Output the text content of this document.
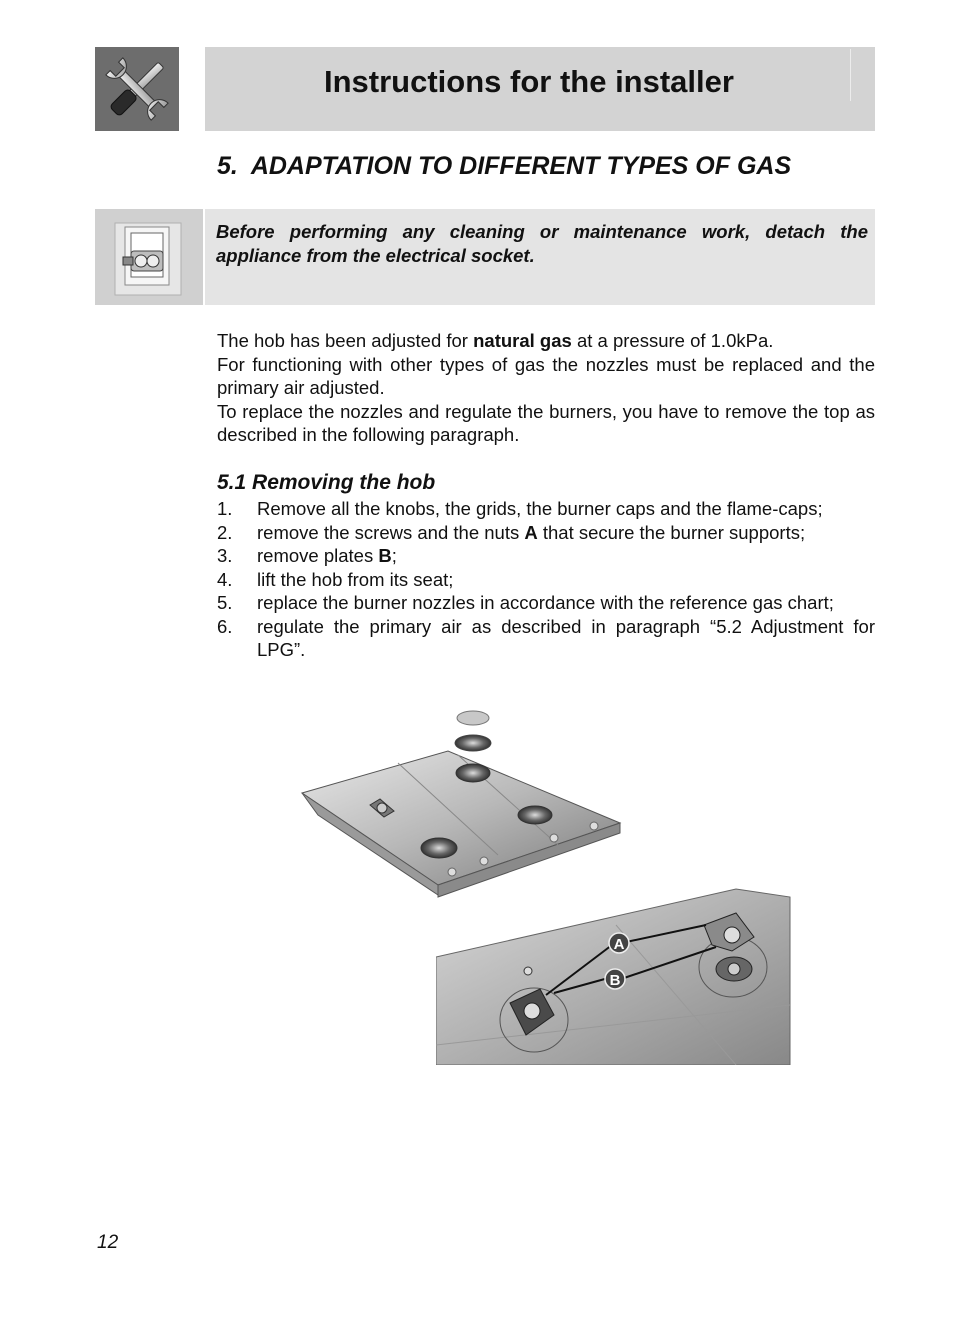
Instructions for the installer
5. ADAPTATION TO DIFFERENT TYPES OF GAS
Before performing any cleaning or maintenance work, detach the appliance from the electrical socket.

The hob has been adjusted for natural gas at a pressure of 1.0kPa.

For functioning with other types of gas the nozzles must be replaced and the primary air adjusted.

To replace the nozzles and regulate the burners, you have to remove the top as described in the following paragraph.

5.1 Removing the hob
1. Remove all the knobs, the grids, the burner caps and the flame-caps;
2. remove the screws and the nuts A that secure the burner supports;
3. remove plates B;
4. lift the hob from its seat;
5. replace the burner nozzles in accordance with the reference gas chart;
6. regulate the primary air as described in paragraph “5.2 Adjustment for LPG”.
A
B
12
